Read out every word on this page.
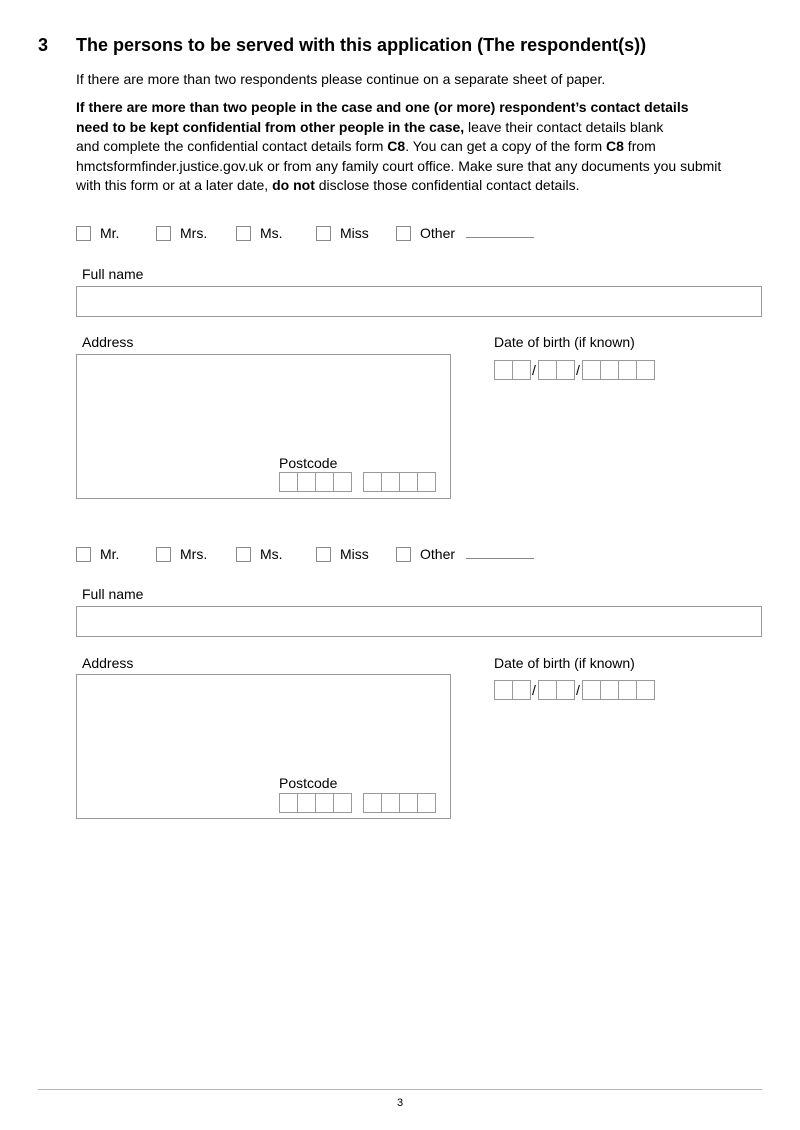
3 The persons to be served with this application (The respondent(s))
If there are more than two respondents please continue on a separate sheet of paper.
If there are more than two people in the case and one (or more) respondent’s contact details
need to be kept confidential from other people in the case, leave their contact details blank
and complete the confidential contact details form C8. You can get a copy of the form C8 from
hmctsformfinder.justice.gov.uk or from any family court office. Make sure that any documents you submit
with this form or at a later date, do not disclose those confidential contact details.
Mr.	Mrs.	Ms.	Miss	Other
Full name
Address
Postcode
Date of birth (if known)
/	/
Mr.	Mrs.	Ms.	Miss	Other
Full name
Address
Postcode
Date of birth (if known)
/	/
3
